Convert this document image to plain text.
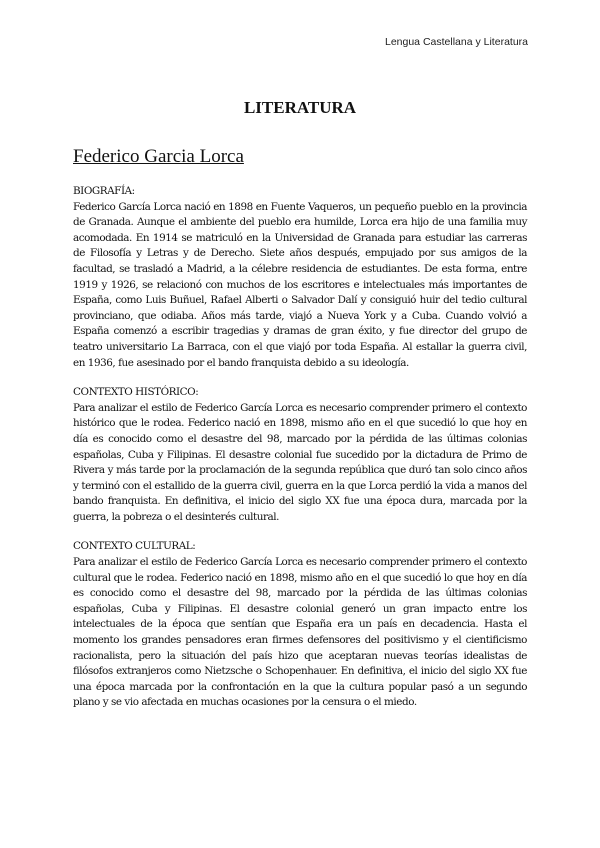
Lengua Castellana y Literatura
LITERATURA
Federico Garcia Lorca
BIOGRAFÍA:
Federico García Lorca nació en 1898 en Fuente Vaqueros, un pequeño pueblo en la provincia de Granada. Aunque el ambiente del pueblo era humilde, Lorca era hijo de una familia muy acomodada. En 1914 se matriculó en la Universidad de Granada para estudiar las carreras de Filosofía y Letras y de Derecho. Siete años después, empujado por sus amigos de la facultad, se trasladó a Madrid, a la célebre residencia de estudiantes. De esta forma, entre 1919 y 1926, se relacionó con muchos de los escritores e intelectuales más importantes de España, como Luis Buñuel, Rafael Alberti o Salvador Dalí y consiguió huir del tedio cultural provinciano, que odiaba. Años más tarde, viajó a Nueva York y a Cuba. Cuando volvió a España comenzó a escribir tragedias y dramas de gran éxito, y fue director del grupo de teatro universitario La Barraca, con el que viajó por toda España. Al estallar la guerra civil, en 1936, fue asesinado por el bando franquista debido a su ideología.
CONTEXTO HISTÓRICO:
Para analizar el estilo de Federico García Lorca es necesario comprender primero el contexto histórico que le rodea. Federico nació en 1898, mismo año en el que sucedió lo que hoy en día es conocido como el desastre del 98, marcado por la pérdida de las últimas colonias españolas, Cuba y Filipinas. El desastre colonial fue sucedido por la dictadura de Primo de Rivera y más tarde por la proclamación de la segunda república que duró tan solo cinco años y terminó con el estallido de la guerra civil, guerra en la que Lorca perdió la vida a manos del bando franquista. En definitiva, el inicio del siglo XX fue una época dura, marcada por la guerra, la pobreza o el desinterés cultural.
CONTEXTO CULTURAL:
Para analizar el estilo de Federico García Lorca es necesario comprender primero el contexto cultural que le rodea. Federico nació en 1898, mismo año en el que sucedió lo que hoy en día es conocido como el desastre del 98, marcado por la pérdida de las últimas colonias españolas, Cuba y Filipinas. El desastre colonial generó un gran impacto entre los intelectuales de la época que sentían que España era un país en decadencia. Hasta el momento los grandes pensadores eran firmes defensores del positivismo y el cientificismo racionalista, pero la situación del país hizo que aceptaran nuevas teorías idealistas de filósofos extranjeros como Nietzsche o Schopenhauer. En definitiva, el inicio del siglo XX fue una época marcada por la confrontación en la que la cultura popular pasó a un segundo plano y se vio afectada en muchas ocasiones por la censura o el miedo.
